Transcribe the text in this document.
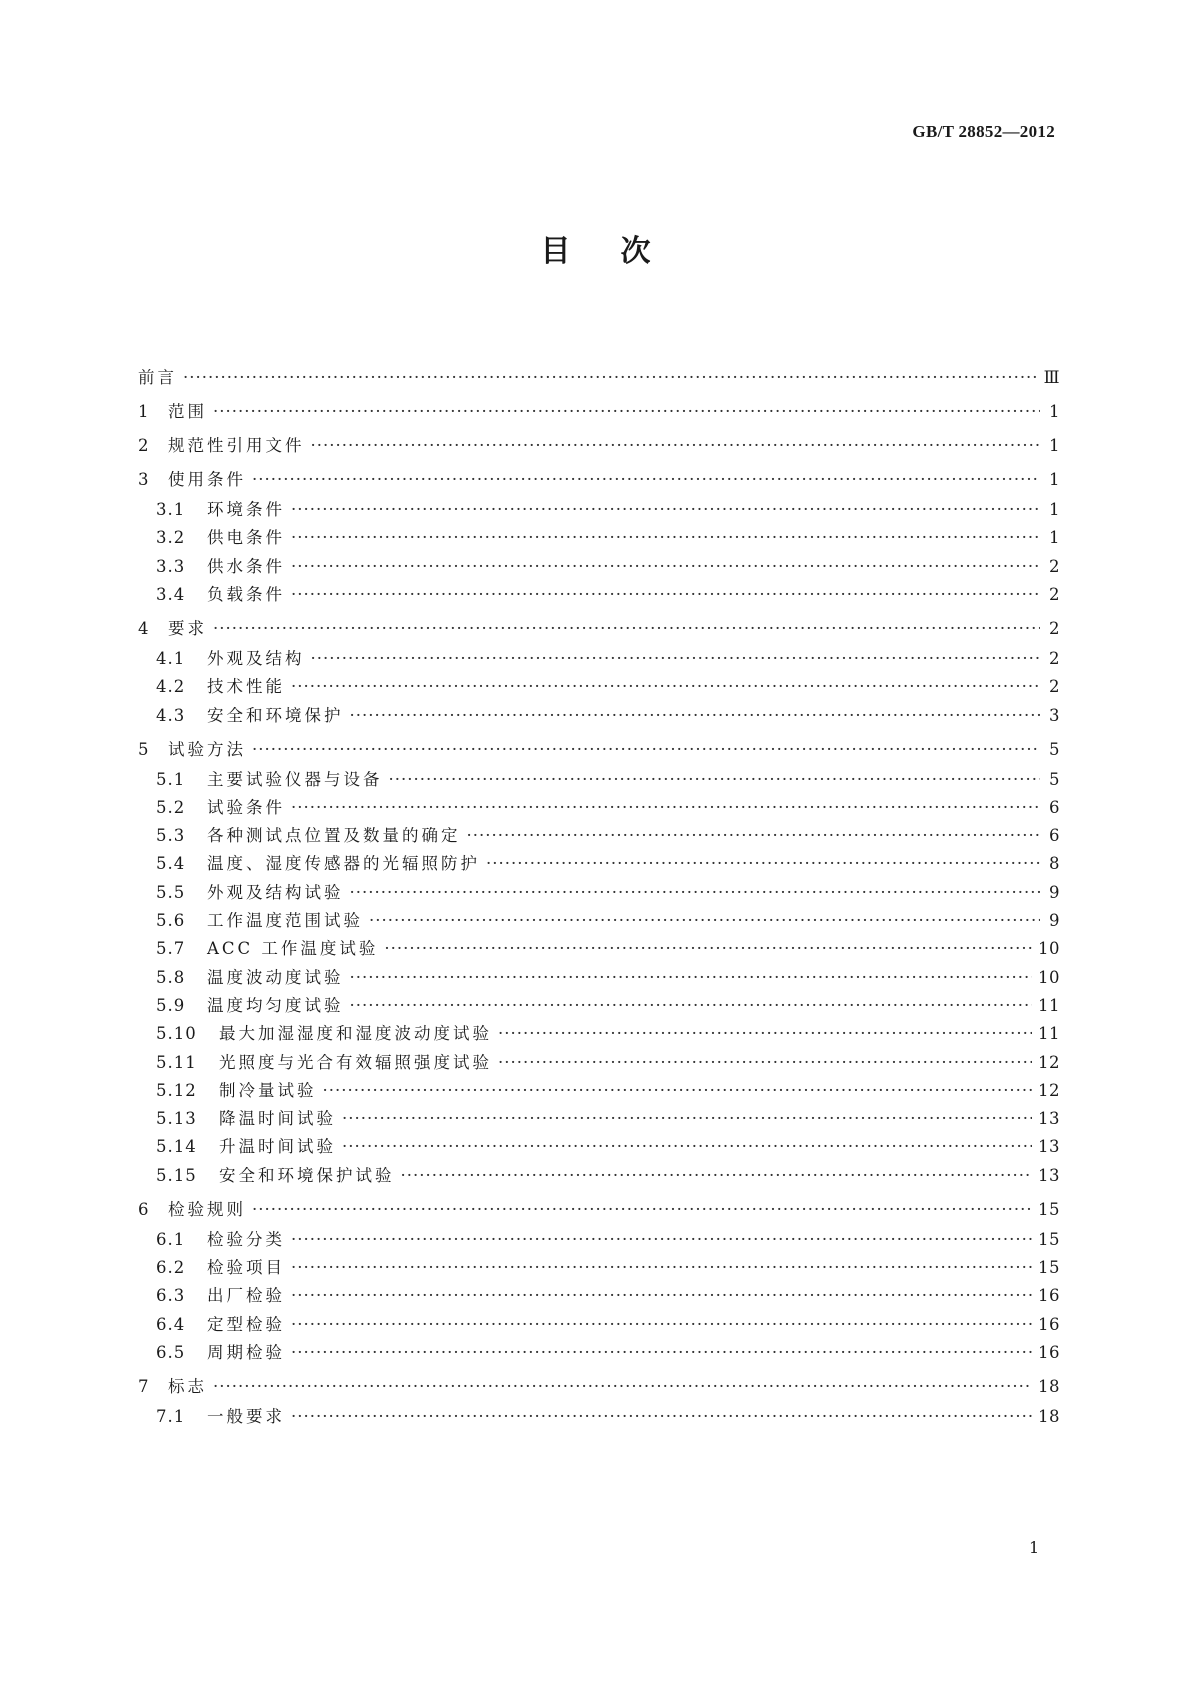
GB/T 28852—2012
目次
前言 ·····	Ⅲ
1	范围 ·····	1
2	规范性引用文件 ·····	1
3	使用条件 ·····	1
3.1	环境条件 ·····	1
3.2	供电条件 ·····	1
3.3	供水条件 ·····	2
3.4	负载条件 ·····	2
4	要求 ·····	2
4.1	外观及结构 ·····	2
4.2	技术性能 ·····	2
4.3	安全和环境保护 ·····	3
5	试验方法 ·····	5
5.1	主要试验仪器与设备 ·····	5
5.2	试验条件 ·····	6
5.3	各种测试点位置及数量的确定 ·····	6
5.4	温度、湿度传感器的光辐照防护 ·····	8
5.5	外观及结构试验 ·····	9
5.6	工作温度范围试验 ·····	9
5.7	ACC 工作温度试验 ·····	10
5.8	温度波动度试验 ·····	10
5.9	温度均匀度试验 ·····	11
5.10	最大加湿湿度和湿度波动度试验 ·····	11
5.11	光照度与光合有效辐照强度试验 ·····	12
5.12	制冷量试验 ·····	12
5.13	降温时间试验 ·····	13
5.14	升温时间试验 ·····	13
5.15	安全和环境保护试验 ·····	13
6	检验规则 ·····	15
6.1	检验分类 ·····	15
6.2	检验项目 ·····	15
6.3	出厂检验 ·····	16
6.4	定型检验 ·····	16
6.5	周期检验 ·····	16
7	标志 ·····	18
7.1	一般要求 ·····	18
1
